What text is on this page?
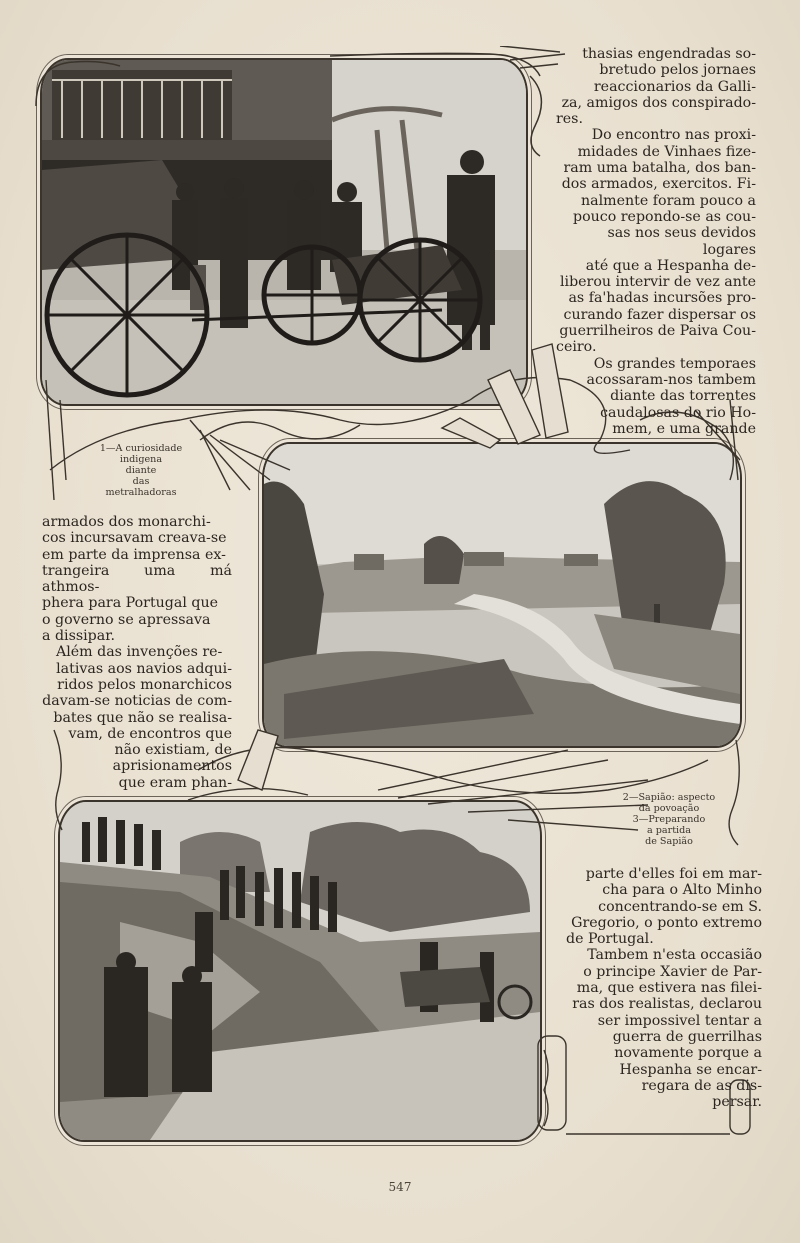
thasias engendradas so-
bretudo pelos jornaes
reaccionarios da Galli-
za, amigos dos conspirado-

res.

Do encontro nas proxi-
midades de Vinhaes fize-
ram uma batalha, dos ban-
dos armados, exercitos. Fi-
nalmente foram pouco a
pouco repondo-se as cou-
sas nos seus devidos logares
até que a Hespanha de-
liberou intervir de vez ante
as fa'hadas incursões pro-
curando fazer dispersar os
guerrilheiros de Paiva Cou-

ceiro.

Os grandes temporaes
acossaram-nos tambem
diante das torrentes
caudalosas do rio Ho-
mem, e uma grande
armados dos monarchi-
cos incursavam creava-se
em parte da imprensa ex-
trangeira uma má athmos-
phera para Portugal que
o governo se apressava
a dissipar.
Além das invenções re-
lativas aos navios adqui-
ridos pelos monarchicos
davam-se noticias de com-
bates que não se realisa-
vam, de encontros que
não existiam, de
aprisionamentos
que eram phan-
parte d'elles foi em mar-
cha para o Alto Minho
concentrando-se em S.
Gregorio, o ponto extremo

de Portugal.

Tambem n'esta occasião
o principe Xavier de Par-
ma, que estivera nas filei-
ras dos realistas, declarou
ser impossivel tentar a
guerra de guerrilhas
novamente porque a
Hespanha se encar-
regara de as dis-
persar.
1—A curiosidade
indigena
diante
das
metralhadoras
2—Sapião: aspecto
da povoação
3—Preparando
a partida
de Sapião
547
